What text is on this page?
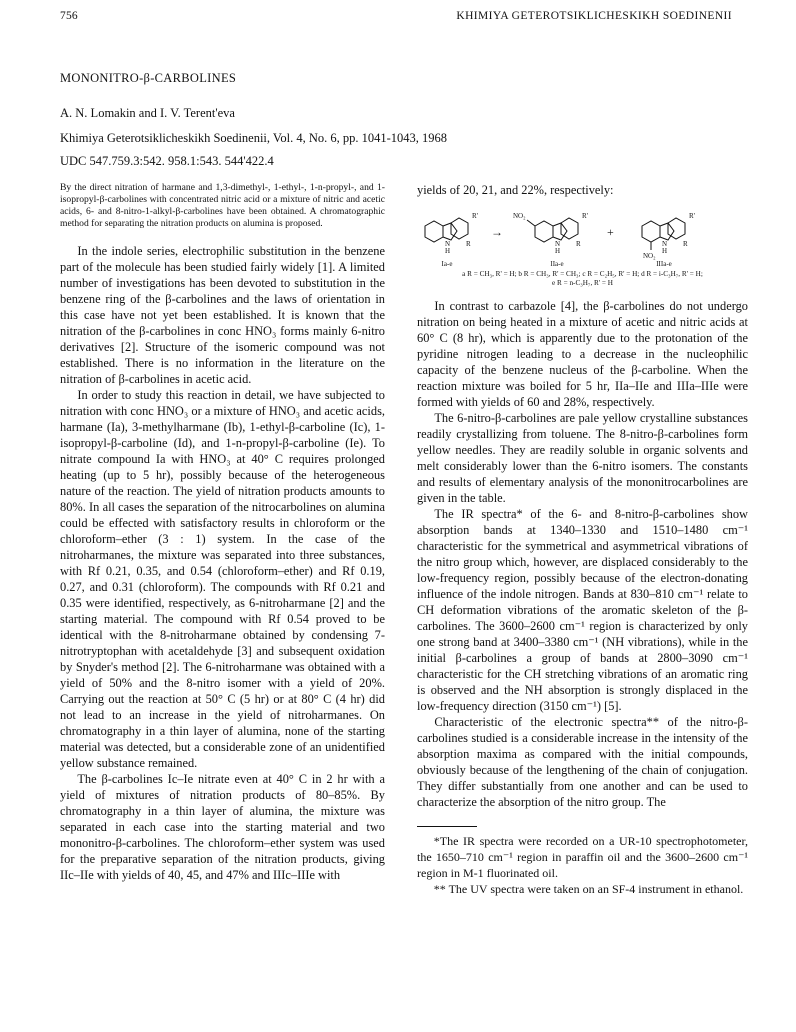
756	KHIMIYA GETEROTSIKLICHESKIKH SOEDINENII
MONONITRO-β-CARBOLINES
A. N. Lomakin and I. V. Terent'eva
Khimiya Geterotsiklicheskikh Soedinenii, Vol. 4, No. 6, pp. 1041-1043, 1968
UDC 547.759.3:542. 958.1:543. 544'422.4

By the direct nitration of harmane and 1,3-dimethyl-, 1-ethyl-, 1-n-propyl-, and 1-isopropyl-β-carbolines with concentrated nitric acid or a mixture of nitric and acetic acids, 6- and 8-nitro-1-alkyl-β-carbolines have been obtained. A chromatographic method for separating the nitration products on alumina is proposed.

In the indole series, electrophilic substitution in the benzene part of the molecule has been studied fairly widely [1]. A limited number of investigations has been devoted to substitution in the benzene ring of the β-carbolines and the laws of orientation in this case have not yet been established. It is known that the nitration of the β-carbolines in conc HNO₃ forms mainly 6-nitro derivatives [2]. Structure of the isomeric compound was not established. There is no information in the literature on the nitration of β-carbolines in acetic acid.

In order to study this reaction in detail, we have subjected to nitration with conc HNO₃ or a mixture of HNO₃ and acetic acids, harmane (Ia), 3-methylharmane (Ib), 1-ethyl-β-carboline (Ic), 1-isopropyl-β-carboline (Id), and 1-n-propyl-β-carboline (Ie). To nitrate compound Ia with HNO₃ at 40° C requires prolonged heating (up to 5 hr), possibly because of the heterogeneous nature of the reaction. The yield of nitration products amounts to 80%. In all cases the separation of the nitrocarbolines on alumina could be effected with satisfactory results in chloroform or the chloroform–ether (3 : 1) system. In the case of the nitroharmanes, the mixture was separated into three substances, with Rf 0.21, 0.35, and 0.54 (chloroform–ether) and Rf 0.19, 0.27, and 0.31 (chloroform). The compounds with Rf 0.21 and 0.35 were identified, respectively, as 6-nitroharmane [2] and the starting material. The compound with Rf 0.54 proved to be identical with the 8-nitroharmane obtained by condensing 7-nitrotryptophan with acetaldehyde [3] and subsequent oxidation by Snyder's method [2]. The 6-nitroharmane was obtained with a yield of 50% and the 8-nitro isomer with a yield of 20%. Carrying out the reaction at 50° C (5 hr) or at 80° C (4 hr) did not lead to an increase in the yield of nitroharmanes. On chromatography in a thin layer of alumina, none of the starting material was detected, but a considerable zone of an unidentified yellow substance remained.

The β-carbolines Ic–Ie nitrate even at 40° C in 2 hr with a yield of mixtures of nitration products of 80–85%. By chromatography in a thin layer of alumina, the mixture was separated in each case into the starting material and two mononitro-β-carbolines. The chloroform–ether system was used for the preparative separation of the nitration products, giving IIc–IIe with yields of 40, 45, and 47% and IIIc–IIIe with

yields of 20, 21, and 22%, respectively:

R'
R
N
H
R'
R
N
H
NO₂	R'
R
N
H
NO₂
→	+
Ia-e	IIa-e	IIIa-e
a R = CH₃, R' = H; b R = CH₃, R' = CH₃; c R = C₂H₅, R' = H; d R = i-C₃H₇, R' = H;
e R = n-C₃H₇, R' = H

In contrast to carbazole [4], the β-carbolines do not undergo nitration on being heated in a mixture of acetic and nitric acids at 60° C (8 hr), which is apparently due to the protonation of the pyridine nitrogen leading to a decrease in the nucleophilic capacity of the benzene nucleus of the β-carboline. When the reaction mixture was boiled for 5 hr, IIa–IIe and IIIa–IIIe were formed with yields of 60 and 28%, respectively.

The 6-nitro-β-carbolines are pale yellow crystalline substances readily crystallizing from toluene. The 8-nitro-β-carbolines form yellow needles. They are readily soluble in organic solvents and melt considerably lower than the 6-nitro isomers. The constants and results of elementary analysis of the mononitrocarbolines are given in the table.

The IR spectra* of the 6- and 8-nitro-β-carbolines show absorption bands at 1340–1330 and 1510–1480 cm⁻¹ characteristic for the symmetrical and asymmetrical vibrations of the nitro group which, however, are displaced considerably to the low-frequency region, possibly because of the electron-donating influence of the indole nitrogen. Bands at 830–810 cm⁻¹ relate to CH deformation vibrations of the aromatic skeleton of the β-carbolines. The 3600–2600 cm⁻¹ region is characterized by only one strong band at 3400–3380 cm⁻¹ (NH vibrations), while in the initial β-carbolines a group of bands at 2800–3090 cm⁻¹ characteristic for the CH stretching vibrations of an aromatic ring is observed and the NH absorption is strongly displaced in the low-frequency direction (3150 cm⁻¹) [5].

Characteristic of the electronic spectra** of the nitro-β-carbolines studied is a considerable increase in the intensity of the absorption maxima as compared with the initial compounds, obviously because of the lengthening of the chain of conjugation. They differ substantially from one another and can be used to characterize the absorption of the nitro group. The

*The IR spectra were recorded on a UR-10 spectrophotometer, the 1650–710 cm⁻¹ region in paraffin oil and the 3600–2600 cm⁻¹ region in M-1 fluorinated oil.

** The UV spectra were taken on an SF-4 instrument in ethanol.
